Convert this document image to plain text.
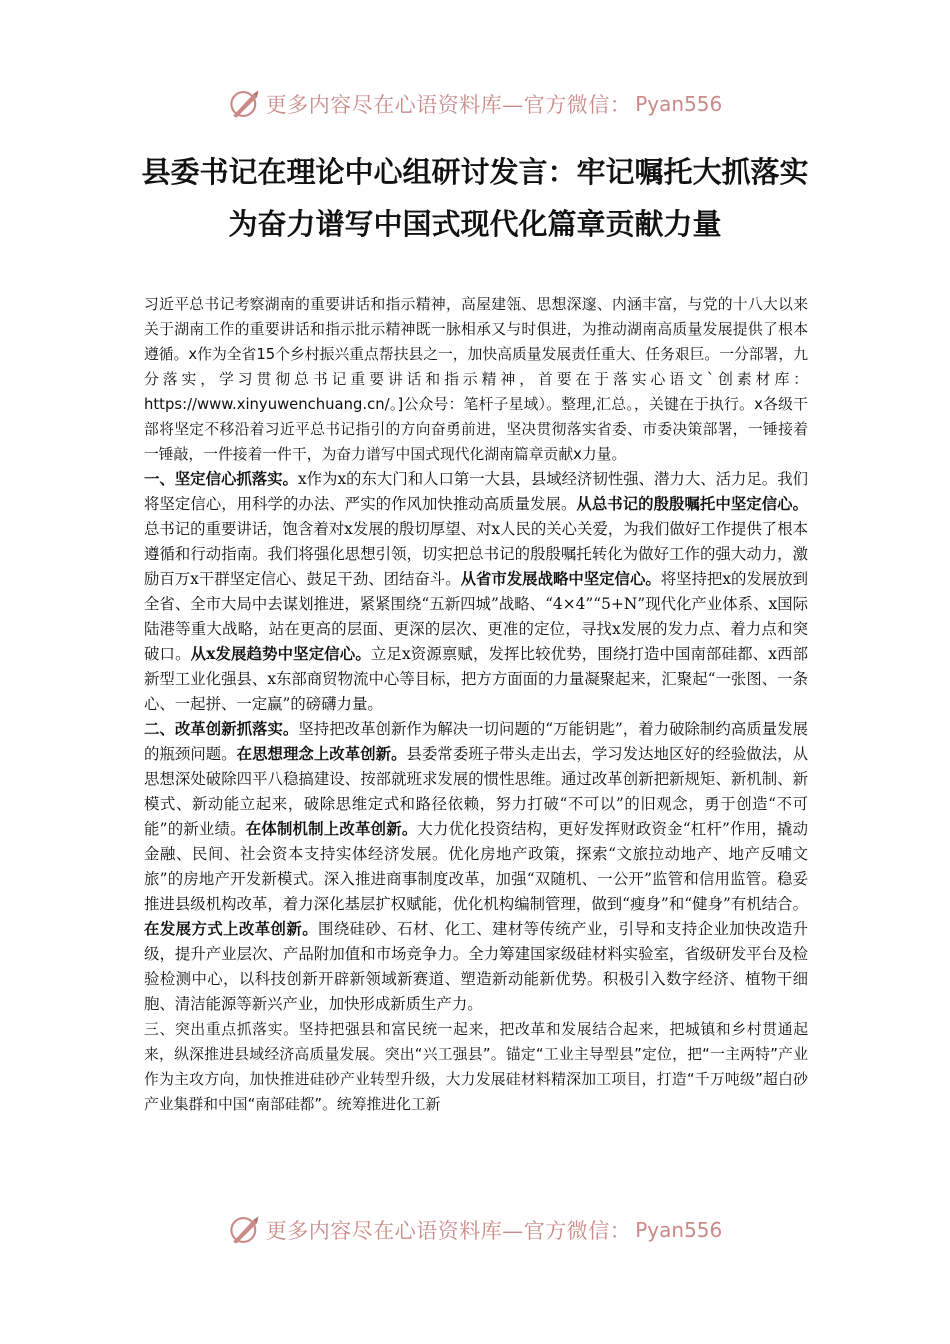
更多内容尽在心语资料库—官方微信： Pyan556
县委书记在理论中心组研讨发言：牢记嘱托大抓落实
为奋力谱写中国式现代化篇章贡献力量

习近平总书记考察湖南的重要讲话和指示精神，高屋建瓴、思想深邃、内涵丰富，与党的十八大以来关于湖南工作的重要讲话和指示批示精神既一脉相承又与时俱进，为推动湖南高质量发展提供了根本遵循。x作为全省15个乡村振兴重点帮扶县之一，加快高质量发展责任重大、任务艰巨。一分部署，九分落实，学习贯彻总书记重要讲话和指示精神，首要在于落实心语文`创素材库：https://www.xinyuwenchuang.cn/。]公众号：笔杆子星域）。整理,汇总。，关键在于执行。x各级干部将坚定不移沿着习近平总书记指引的方向奋勇前进，坚决贯彻落实省委、市委决策部署，一锤接着一锤敲，一件接着一件干，为奋力谱写中国式现代化湖南篇章贡献x力量。

一、坚定信心抓落实。x作为x的东大门和人口第一大县，县域经济韧性强、潜力大、活力足。我们将坚定信心，用科学的办法、严实的作风加快推动高质量发展。从总书记的殷殷嘱托中坚定信心。总书记的重要讲话，饱含着对x发展的殷切厚望、对x人民的关心关爱，为我们做好工作提供了根本遵循和行动指南。我们将强化思想引领，切实把总书记的殷殷嘱托转化为做好工作的强大动力，激励百万x干群坚定信心、鼓足干劲、团结奋斗。从省市发展战略中坚定信心。将坚持把x的发展放到全省、全市大局中去谋划推进，紧紧围绕“五新四城”战略、“4×4”“5+N”现代化产业体系、x国际陆港等重大战略，站在更高的层面、更深的层次、更准的定位，寻找x发展的发力点、着力点和突破口。从x发展趋势中坚定信心。立足x资源禀赋，发挥比较优势，围绕打造中国南部硅都、x西部新型工业化强县、x东部商贸物流中心等目标，把方方面面的力量凝聚起来，汇聚起“一张图、一条心、一起拼、一定赢”的磅礴力量。

二、改革创新抓落实。坚持把改革创新作为解决一切问题的“万能钥匙”，着力破除制约高质量发展的瓶颈问题。在思想理念上改革创新。县委常委班子带头走出去，学习发达地区好的经验做法，从思想深处破除四平八稳搞建设、按部就班求发展的惯性思维。通过改革创新把新规矩、新机制、新模式、新动能立起来，破除思维定式和路径依赖，努力打破“不可以”的旧观念，勇于创造“不可能”的新业绩。在体制机制上改革创新。大力优化投资结构，更好发挥财政资金“杠杆”作用，撬动金融、民间、社会资本支持实体经济发展。优化房地产政策，探索“文旅拉动地产、地产反哺文旅”的房地产开发新模式。深入推进商事制度改革，加强“双随机、一公开”监管和信用监管。稳妥推进县级机构改革，着力深化基层扩权赋能，优化机构编制管理，做到“瘦身”和“健身”有机结合。在发展方式上改革创新。围绕硅砂、石材、化工、建材等传统产业，引导和支持企业加快改造升级，提升产业层次、产品附加值和市场竞争力。全力筹建国家级硅材料实验室，省级研发平台及检验检测中心，以科技创新开辟新领域新赛道、塑造新动能新优势。积极引入数字经济、植物干细胞、清洁能源等新兴产业，加快形成新质生产力。

三、突出重点抓落实。坚持把强县和富民统一起来，把改革和发展结合起来，把城镇和乡村贯通起来，纵深推进县域经济高质量发展。突出“兴工强县”。锚定“工业主导型县”定位，把“一主两特”产业作为主攻方向，加快推进硅砂产业转型升级，大力发展硅材料精深加工项目，打造“千万吨级”超白砂产业集群和中国“南部硅都”。统筹推进化工新

更多内容尽在心语资料库—官方微信： Pyan556
